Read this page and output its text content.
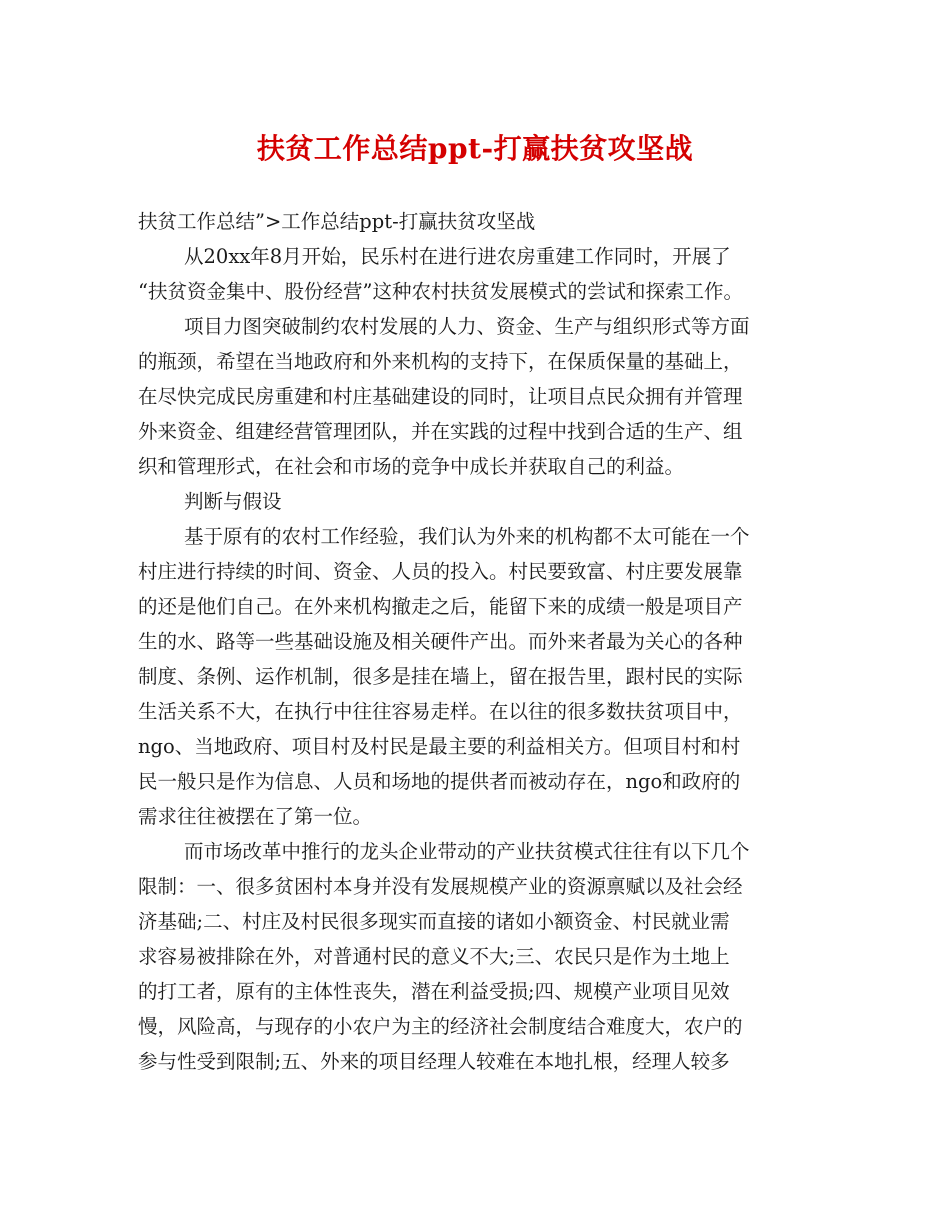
扶贫工作总结ppt-打赢扶贫攻坚战
扶贫工作总结”>工作总结ppt-打赢扶贫攻坚战
从20xx年8月开始，民乐村在进行进农房重建工作同时，开展了
“扶贫资金集中、股份经营”这种农村扶贫发展模式的尝试和探索工作。
项目力图突破制约农村发展的人力、资金、生产与组织形式等方面
的瓶颈，希望在当地政府和外来机构的支持下，在保质保量的基础上，
在尽快完成民房重建和村庄基础建设的同时，让项目点民众拥有并管理
外来资金、组建经营管理团队，并在实践的过程中找到合适的生产、组
织和管理形式，在社会和市场的竞争中成长并获取自己的利益。
判断与假设
基于原有的农村工作经验，我们认为外来的机构都不太可能在一个
村庄进行持续的时间、资金、人员的投入。村民要致富、村庄要发展靠
的还是他们自己。在外来机构撤走之后，能留下来的成绩一般是项目产
生的水、路等一些基础设施及相关硬件产出。而外来者最为关心的各种
制度、条例、运作机制，很多是挂在墙上，留在报告里，跟村民的实际
生活关系不大，在执行中往往容易走样。在以往的很多数扶贫项目中，
ngo、当地政府、项目村及村民是最主要的利益相关方。但项目村和村
民一般只是作为信息、人员和场地的提供者而被动存在，ngo和政府的
需求往往被摆在了第一位。
而市场改革中推行的龙头企业带动的产业扶贫模式往往有以下几个
限制：一、很多贫困村本身并没有发展规模产业的资源禀赋以及社会经
济基础;二、村庄及村民很多现实而直接的诸如小额资金、村民就业需
求容易被排除在外，对普通村民的意义不大;三、农民只是作为土地上
的打工者，原有的主体性丧失，潜在利益受损;四、规模产业项目见效
慢，风险高，与现存的小农户为主的经济社会制度结合难度大，农户的
参与性受到限制;五、外来的项目经理人较难在本地扎根，经理人较多
